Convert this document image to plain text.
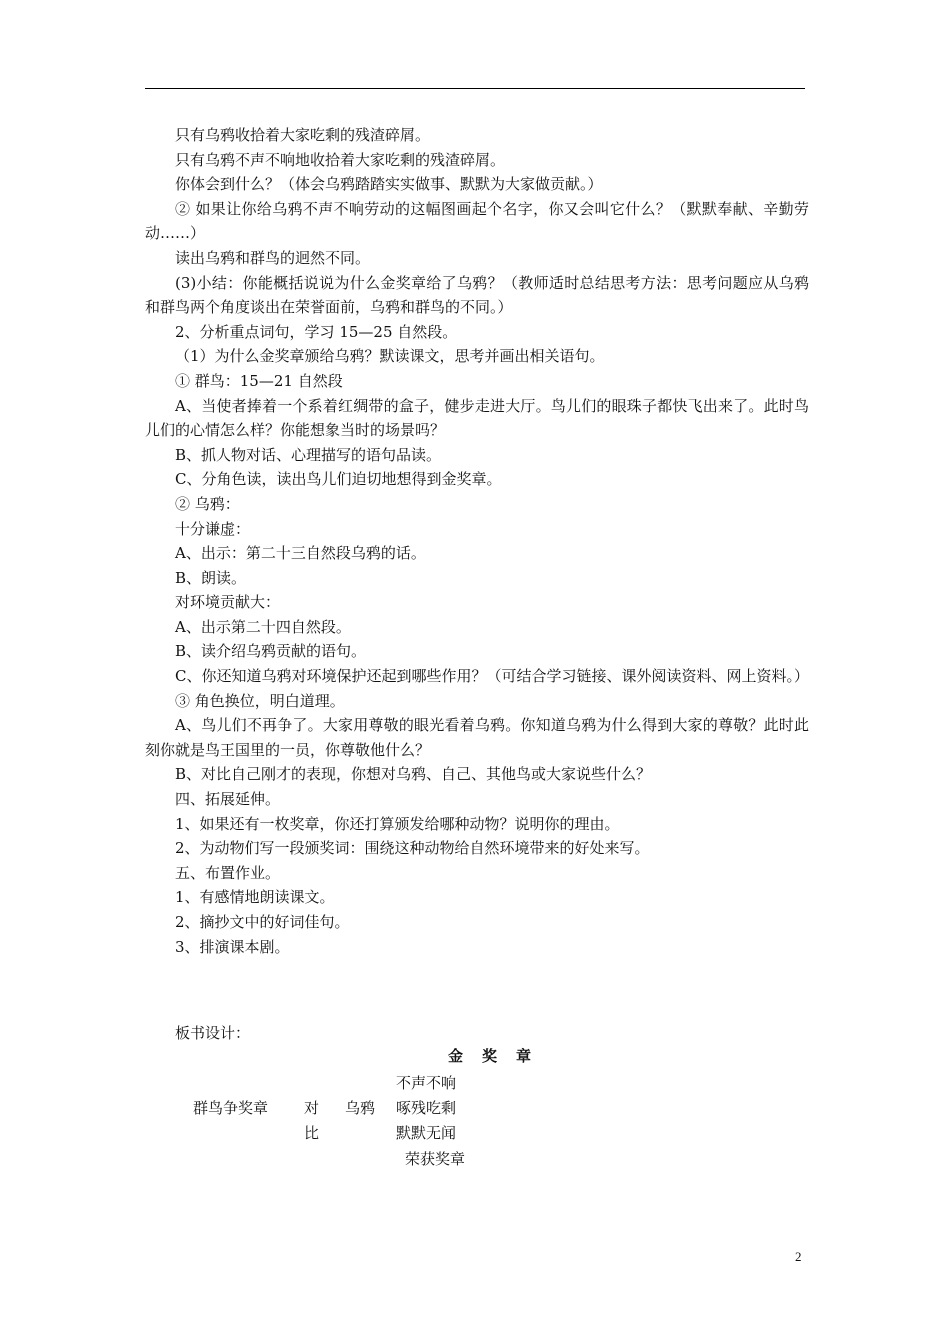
只有乌鸦收拾着大家吃剩的残渣碎屑。

只有乌鸦不声不响地收拾着大家吃剩的残渣碎屑。

你体会到什么？（体会乌鸦踏踏实实做事、默默为大家做贡献。）

② 如果让你给乌鸦不声不响劳动的这幅图画起个名字，你又会叫它什么？（默默奉献、辛勤劳动……）

读出乌鸦和群鸟的迥然不同。

(3)小结：你能概括说说为什么金奖章给了乌鸦？（教师适时总结思考方法：思考问题应从乌鸦和群鸟两个角度谈出在荣誉面前，乌鸦和群鸟的不同。）

2、分析重点词句，学习 15—25 自然段。

（1）为什么金奖章颁给乌鸦？默读课文，思考并画出相关语句。

① 群鸟：15—21 自然段

A、当使者捧着一个系着红绸带的盒子，健步走进大厅。鸟儿们的眼珠子都快飞出来了。此时鸟儿们的心情怎么样？你能想象当时的场景吗？

B、抓人物对话、心理描写的语句品读。

C、分角色读，读出鸟儿们迫切地想得到金奖章。

② 乌鸦：

十分谦虚：

A、出示：第二十三自然段乌鸦的话。

B、朗读。

对环境贡献大：

A、出示第二十四自然段。

B、读介绍乌鸦贡献的语句。

C、你还知道乌鸦对环境保护还起到哪些作用？（可结合学习链接、课外阅读资料、网上资料。）

③ 角色换位，明白道理。

A、鸟儿们不再争了。大家用尊敬的眼光看着乌鸦。你知道乌鸦为什么得到大家的尊敬？此时此刻你就是鸟王国里的一员，你尊敬他什么？

B、对比自己刚才的表现，你想对乌鸦、自己、其他鸟或大家说些什么？

四、拓展延伸。

1、如果还有一枚奖章，你还打算颁发给哪种动物？说明你的理由。

2、为动物们写一段颁奖词：围绕这种动物给自然环境带来的好处来写。

五、布置作业。

1、有感情地朗读课文。

2、摘抄文中的好词佳句。

3、排演课本剧。

板书设计：
金奖章
不声不响
群鸟争奖章 对 乌鸦 啄残吃剩
比	默默无闻
荣获奖章
2
